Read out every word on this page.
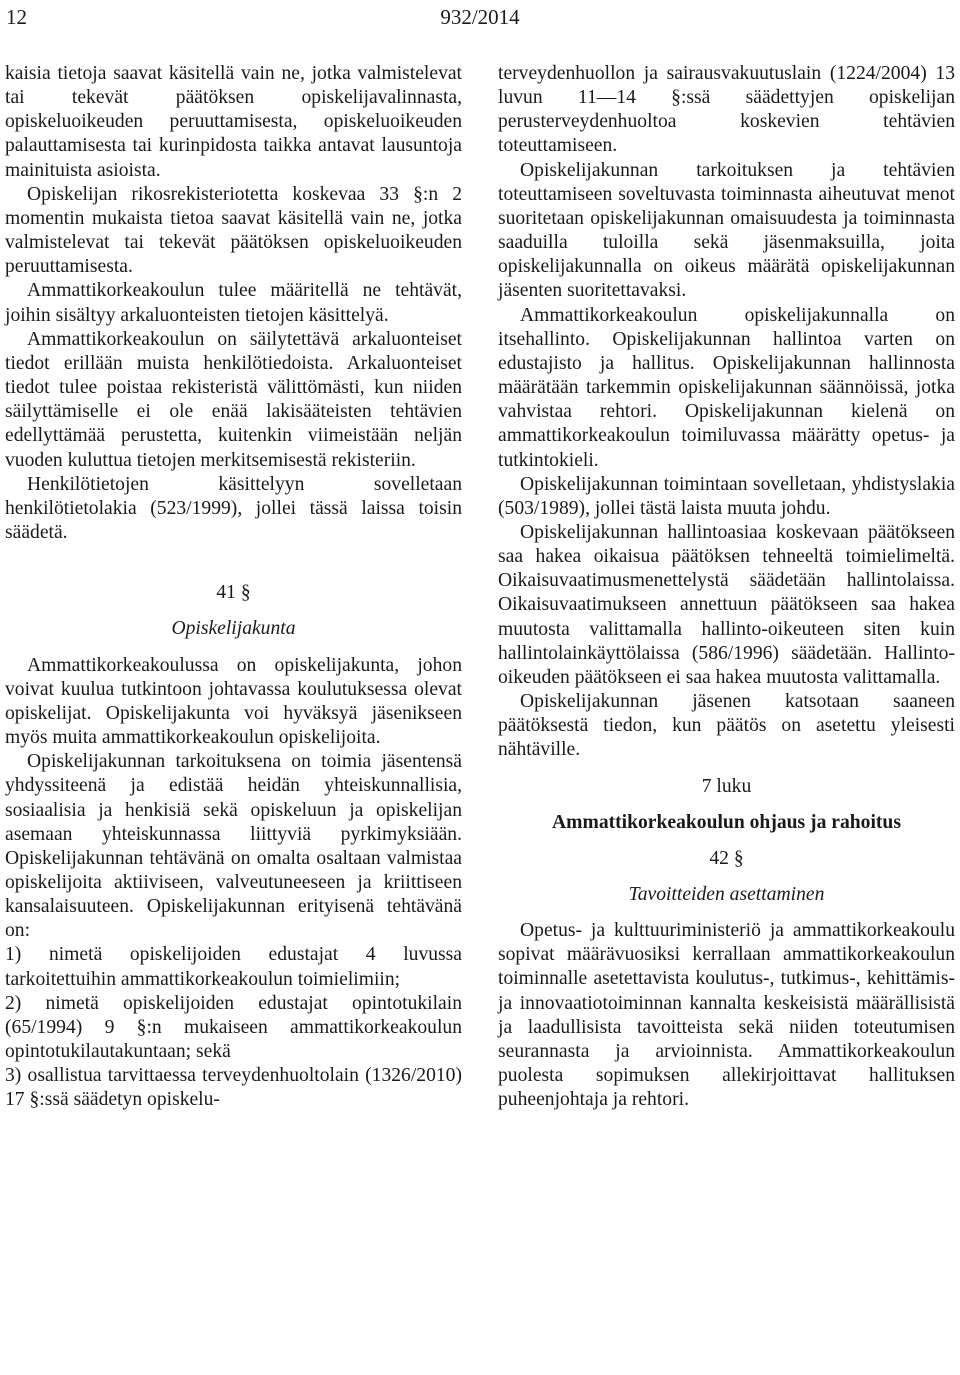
12	932/2014

kaisia tietoja saavat käsitellä vain ne, jotka valmistelevat tai tekevät päätöksen opiskelijavalinnasta, opiskeluoikeuden peruuttamisesta, opiskeluoikeuden palauttamisesta tai kurinpidosta taikka antavat lausuntoja mainituista asioista.

Opiskelijan rikosrekisteriotetta koskevaa 33 §:n 2 momentin mukaista tietoa saavat käsitellä vain ne, jotka valmistelevat tai tekevät päätöksen opiskeluoikeuden peruuttamisesta.

Ammattikorkeakoulun tulee määritellä ne tehtävät, joihin sisältyy arkaluonteisten tietojen käsittelyä.

Ammattikorkeakoulun on säilytettävä arkaluonteiset tiedot erillään muista henkilötiedoista. Arkaluonteiset tiedot tulee poistaa rekisteristä välittömästi, kun niiden säilyttämiselle ei ole enää lakisääteisten tehtävien edellyttämää perustetta, kuitenkin viimeistään neljän vuoden kuluttua tietojen merkitsemisestä rekisteriin.

Henkilötietojen käsittelyyn sovelletaan henkilötietolakia (523/1999), jollei tässä laissa toisin säädetä.

41 §

Opiskelijakunta

Ammattikorkeakoulussa on opiskelijakunta, johon voivat kuulua tutkintoon johtavassa koulutuksessa olevat opiskelijat. Opiskelijakunta voi hyväksyä jäsenikseen myös muita ammattikorkeakoulun opiskelijoita.

Opiskelijakunnan tarkoituksena on toimia jäsentensä yhdyssiteenä ja edistää heidän yhteiskunnallisia, sosiaalisia ja henkisiä sekä opiskeluun ja opiskelijan asemaan yhteiskunnassa liittyviä pyrkimyksiään. Opiskelijakunnan tehtävänä on omalta osaltaan valmistaa opiskelijoita aktiiviseen, valveutuneeseen ja kriittiseen kansalaisuuteen. Opiskelijakunnan erityisenä tehtävänä on:

1) nimetä opiskelijoiden edustajat 4 luvussa tarkoitettuihin ammattikorkeakoulun toimielimiin;

2) nimetä opiskelijoiden edustajat opintotukilain (65/1994) 9 §:n mukaiseen ammattikorkeakoulun opintotukilautakuntaan; sekä

3) osallistua tarvittaessa terveydenhuoltolain (1326/2010) 17 §:ssä säädetyn opiskelu-

terveydenhuollon ja sairausvakuutuslain (1224/2004) 13 luvun 11—14 §:ssä säädettyjen opiskelijan perusterveydenhuoltoa koskevien tehtävien toteuttamiseen.

Opiskelijakunnan tarkoituksen ja tehtävien toteuttamiseen soveltuvasta toiminnasta aiheutuvat menot suoritetaan opiskelijakunnan omaisuudesta ja toiminnasta saaduilla tuloilla sekä jäsenmaksuilla, joita opiskelijakunnalla on oikeus määrätä opiskelijakunnan jäsenten suoritettavaksi.

Ammattikorkeakoulun opiskelijakunnalla on itsehallinto. Opiskelijakunnan hallintoa varten on edustajisto ja hallitus. Opiskelijakunnan hallinnosta määrätään tarkemmin opiskelijakunnan säännöissä, jotka vahvistaa rehtori. Opiskelijakunnan kielenä on ammattikorkeakoulun toimiluvassa määrätty opetus- ja tutkintokieli.

Opiskelijakunnan toimintaan sovelletaan, yhdistyslakia (503/1989), jollei tästä laista muuta johdu.

Opiskelijakunnan hallintoasiaa koskevaan päätökseen saa hakea oikaisua päätöksen tehneeltä toimielimeltä. Oikaisuvaatimusmenettelystä säädetään hallintolaissa. Oikaisuvaatimukseen annettuun päätökseen saa hakea muutosta valittamalla hallinto-oikeuteen siten kuin hallintolainkäyttölaissa (586/1996) säädetään. Hallinto-oikeuden päätökseen ei saa hakea muutosta valittamalla.

Opiskelijakunnan jäsenen katsotaan saaneen päätöksestä tiedon, kun päätös on asetettu yleisesti nähtäville.

7 luku

Ammattikorkeakoulun ohjaus ja rahoitus

42 §

Tavoitteiden asettaminen

Opetus- ja kulttuuriministeriö ja ammattikorkeakoulu sopivat määrävuosiksi kerrallaan ammattikorkeakoulun toiminnalle asetettavista koulutus-, tutkimus-, kehittämis- ja innovaatiotoiminnan kannalta keskeisistä määrällisistä ja laadullisista tavoitteista sekä niiden toteutumisen seurannasta ja arvioinnista. Ammattikorkeakoulun puolesta sopimuksen allekirjoittavat hallituksen puheenjohtaja ja rehtori.
